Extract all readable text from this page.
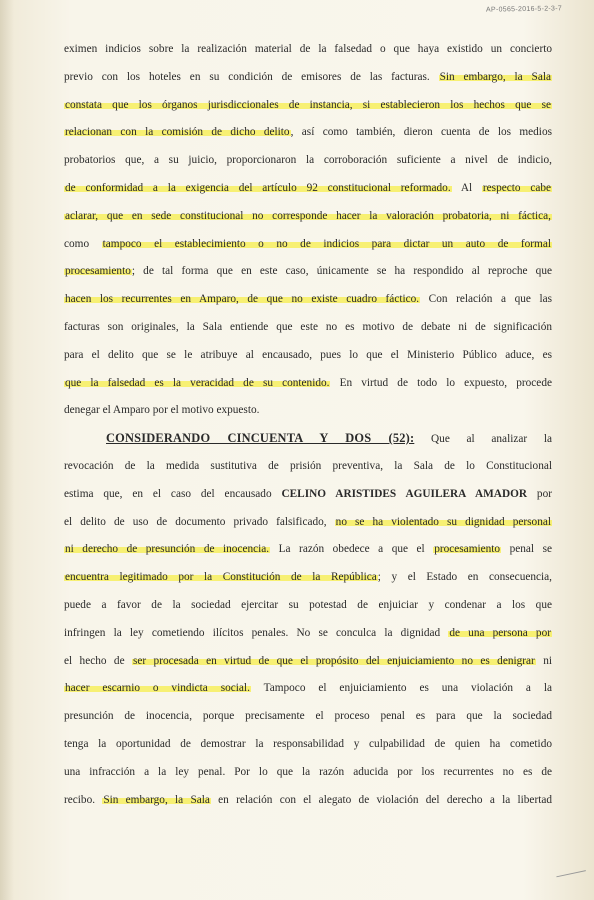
AP-0565-2016-5-2-3-7
eximen indicios sobre la realización material de la falsedad o que haya existido un concierto
previo con los hoteles en su condición de emisores de las facturas. Sin embargo, la Sala
constata que los órganos jurisdiccionales de instancia, si establecieron los hechos que se
relacionan con la comisión de dicho delito, así como también, dieron cuenta de los medios
probatorios que, a su juicio, proporcionaron la corroboración suficiente a nivel de indicio,
de conformidad a la exigencia del artículo 92 constitucional reformado. Al respecto cabe
aclarar, que en sede constitucional no corresponde hacer la valoración probatoria, ni fáctica,
como tampoco el establecimiento o no de indicios para dictar un auto de formal
procesamiento; de tal forma que en este caso, únicamente se ha respondido al reproche que
hacen los recurrentes en Amparo, de que no existe cuadro fáctico. Con relación a que las
facturas son originales, la Sala entiende que este no es motivo de debate ni de significación
para el delito que se le atribuye al encausado, pues lo que el Ministerio Público aduce, es
que la falsedad es la veracidad de su contenido. En virtud de todo lo expuesto, procede
denegar el Amparo por el motivo expuesto.
CONSIDERANDO CINCUENTA Y DOS (52): Que al analizar la
revocación de la medida sustitutiva de prisión preventiva, la Sala de lo Constitucional
estima que, en el caso del encausado CELINO ARISTIDES AGUILERA AMADOR por
el delito de uso de documento privado falsificado, no se ha violentado su dignidad personal
ni derecho de presunción de inocencia. La razón obedece a que el procesamiento penal se
encuentra legitimado por la Constitución de la República; y el Estado en consecuencia,
puede a favor de la sociedad ejercitar su potestad de enjuiciar y condenar a los que
infringen la ley cometiendo ilícitos penales. No se conculca la dignidad de una persona por
el hecho de ser procesada en virtud de que el propósito del enjuiciamiento no es denigrar ni
hacer escarnio o vindicta social. Tampoco el enjuiciamiento es una violación a la
presunción de inocencia, porque precisamente el proceso penal es para que la sociedad
tenga la oportunidad de demostrar la responsabilidad y culpabilidad de quien ha cometido
una infracción a la ley penal. Por lo que la razón aducida por los recurrentes no es de
recibo. Sin embargo, la Sala en relación con el alegato de violación del derecho a la libertad
